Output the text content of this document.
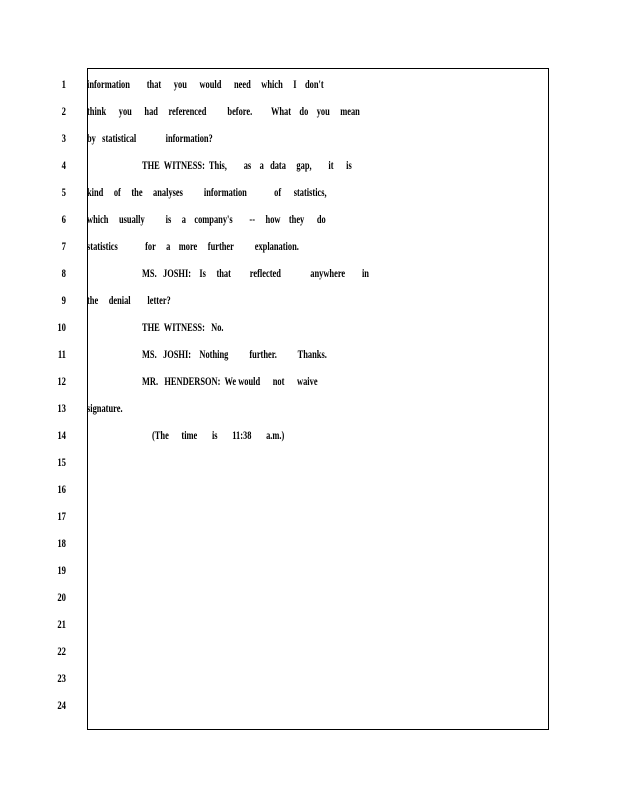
1 information        that      you      would      need     which     I    don't
2 think      you      had     referenced          before.         What    do    you     mean
3 by   statistical              information?
4	THE  WITNESS:  This,        as    a   data     gap,        it      is
5 kind     of     the     analyses          information             of      statistics,
6 which     usually          is     a    company's        --     how    they      do
7 statistics             for     a    more     further          explanation.
8	MS.   JOSHI:    Is     that         reflected              anywhere        in
9 the     denial        letter?
10	THE  WITNESS:   No.
11	MS.   JOSHI:    Nothing          further.          Thanks.
12	MR.   HENDERSON:  We would      not      waive
13 signature.
14	(The      time       is       11:38       a.m.)
15
16
17
18
19
20
21
22
23
24
